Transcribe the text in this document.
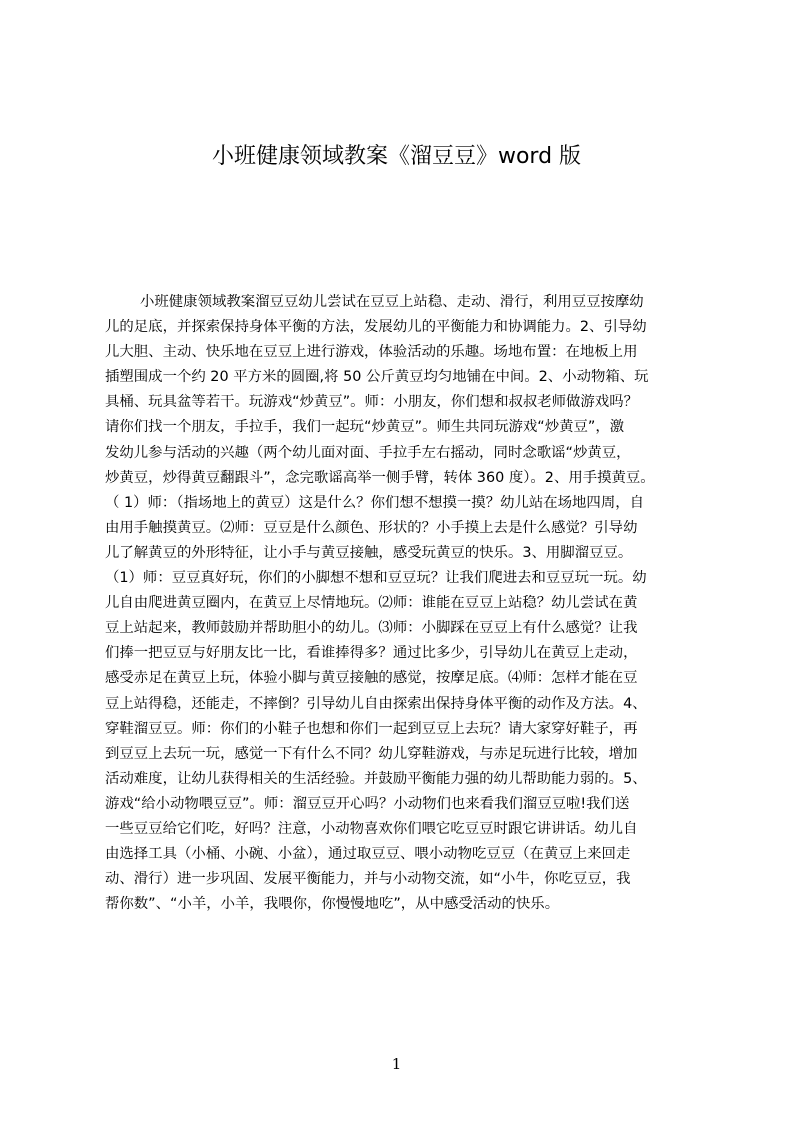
小班健康领域教案《溜豆豆》word 版
小班健康领域教案溜豆豆幼儿尝试在豆豆上站稳、走动、滑行，利用豆豆按摩幼
儿的足底，并探索保持身体平衡的方法，发展幼儿的平衡能力和协调能力。2、引导幼
儿大胆、主动、快乐地在豆豆上进行游戏，体验活动的乐趣。场地布置：在地板上用
插塑围成一个约 20 平方米的圆圈,将 50 公斤黄豆均匀地铺在中间。2、小动物箱、玩
具桶、玩具盆等若干。玩游戏“炒黄豆”。师：小朋友，你们想和叔叔老师做游戏吗？
请你们找一个朋友，手拉手，我们一起玩“炒黄豆”。师生共同玩游戏“炒黄豆”，激
发幼儿参与活动的兴趣（两个幼儿面对面、手拉手左右摇动，同时念歌谣“炒黄豆，
炒黄豆，炒得黄豆翻跟斗”，念完歌谣高举一侧手臂，转体 360 度）。2、用手摸黄豆。
（ 1）师：（指场地上的黄豆）这是什么？你们想不想摸一摸？幼儿站在场地四周，自
由用手触摸黄豆。⑵师：豆豆是什么颜色、形状的？小手摸上去是什么感觉？引导幼
儿了解黄豆的外形特征，让小手与黄豆接触，感受玩黄豆的快乐。3、用脚溜豆豆。
（1）师：豆豆真好玩，你们的小脚想不想和豆豆玩？让我们爬进去和豆豆玩一玩。幼
儿自由爬进黄豆圈内，在黄豆上尽情地玩。⑵师：谁能在豆豆上站稳？幼儿尝试在黄
豆上站起来，教师鼓励并帮助胆小的幼儿。⑶师：小脚踩在豆豆上有什么感觉？让我
们捧一把豆豆与好朋友比一比，看谁捧得多？通过比多少，引导幼儿在黄豆上走动，
感受赤足在黄豆上玩，体验小脚与黄豆接触的感觉，按摩足底。⑷师：怎样才能在豆
豆上站得稳，还能走，不摔倒？引导幼儿自由探索出保持身体平衡的动作及方法。4、
穿鞋溜豆豆。师：你们的小鞋子也想和你们一起到豆豆上去玩？请大家穿好鞋子，再
到豆豆上去玩一玩，感觉一下有什么不同？幼儿穿鞋游戏，与赤足玩进行比较，增加
活动难度，让幼儿获得相关的生活经验。并鼓励平衡能力强的幼儿帮助能力弱的。5、
游戏“给小动物喂豆豆”。师：溜豆豆开心吗？小动物们也来看我们溜豆豆啦!我们送
一些豆豆给它们吃，好吗？注意，小动物喜欢你们喂它吃豆豆时跟它讲讲话。幼儿自
由选择工具（小桶、小碗、小盆），通过取豆豆、喂小动物吃豆豆（在黄豆上来回走
动、滑行）进一步巩固、发展平衡能力，并与小动物交流，如“小牛，你吃豆豆，我
帮你数”、“小羊，小羊，我喂你，你慢慢地吃”，从中感受活动的快乐。
1
